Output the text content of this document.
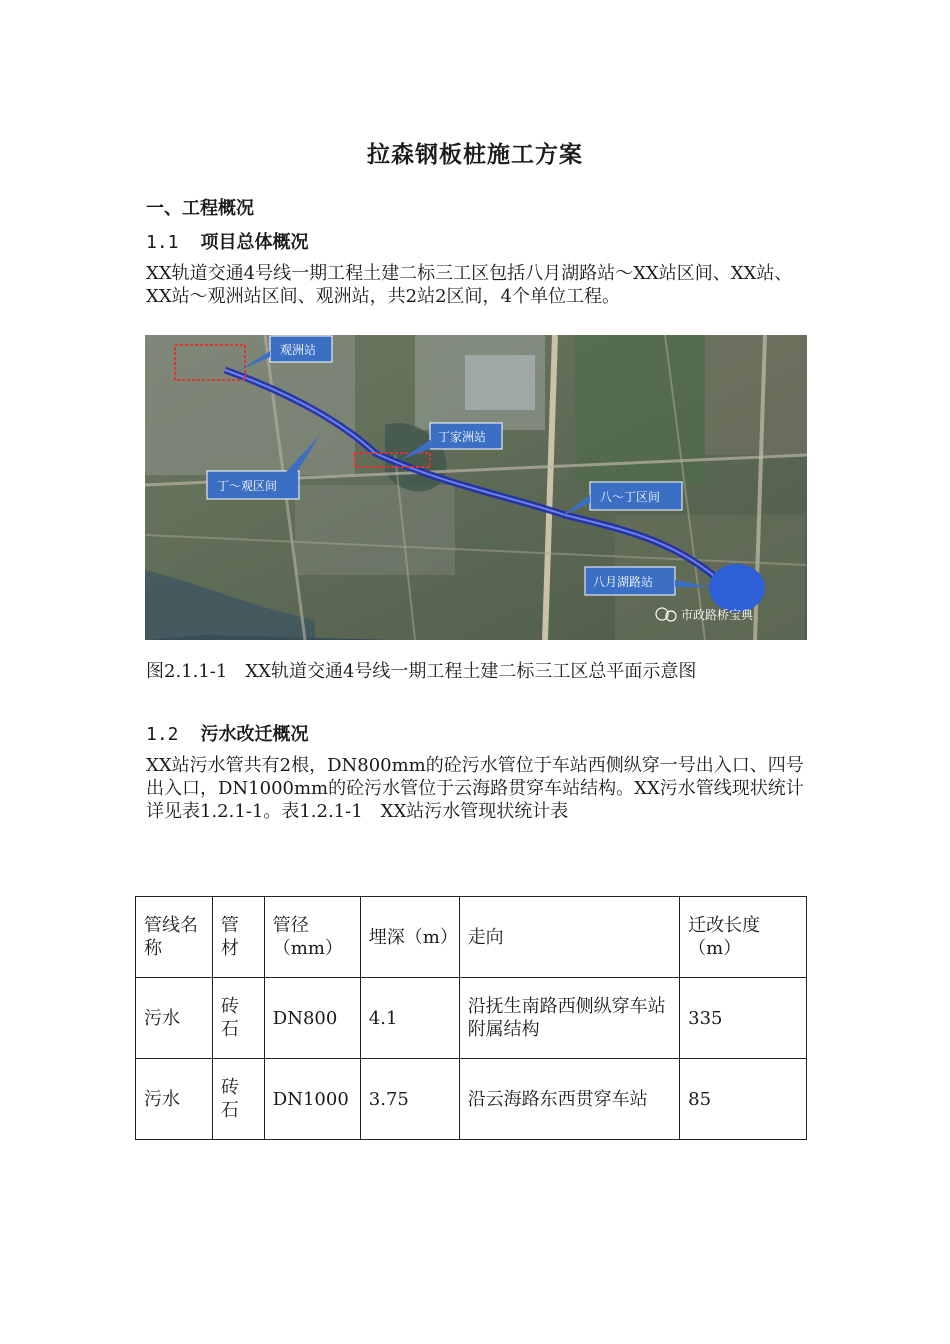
拉森钢板桩施工方案
一、工程概况
1.1 项目总体概况
XX轨道交通4号线一期工程土建二标三工区包括八月湖路站～XX站区间、XX站、XX站～观洲站区间、观洲站，共2站2区间，4个单位工程。
观洲站
丁家洲站
丁～观区间
八～丁区间
八月湖路站
市政路桥宝典
图2.1.1-1　XX轨道交通4号线一期工程土建二标三工区总平面示意图
1.2 污水改迁概况
XX站污水管共有2根，DN800mm的砼污水管位于车站西侧纵穿一号出入口、四号出入口，DN1000mm的砼污水管位于云海路贯穿车站结构。XX污水管线现状统计详见表1.2.1-1。表1.2.1-1　XX站污水管现状统计表
管线名称	管材	管径（mm）	埋深（m）	走向	迁改长度（m）
污水	砖石	DN800	4.1	沿抚生南路西侧纵穿车站附属结构	335
污水	砖石	DN1000	3.75	沿云海路东西贯穿车站	85
